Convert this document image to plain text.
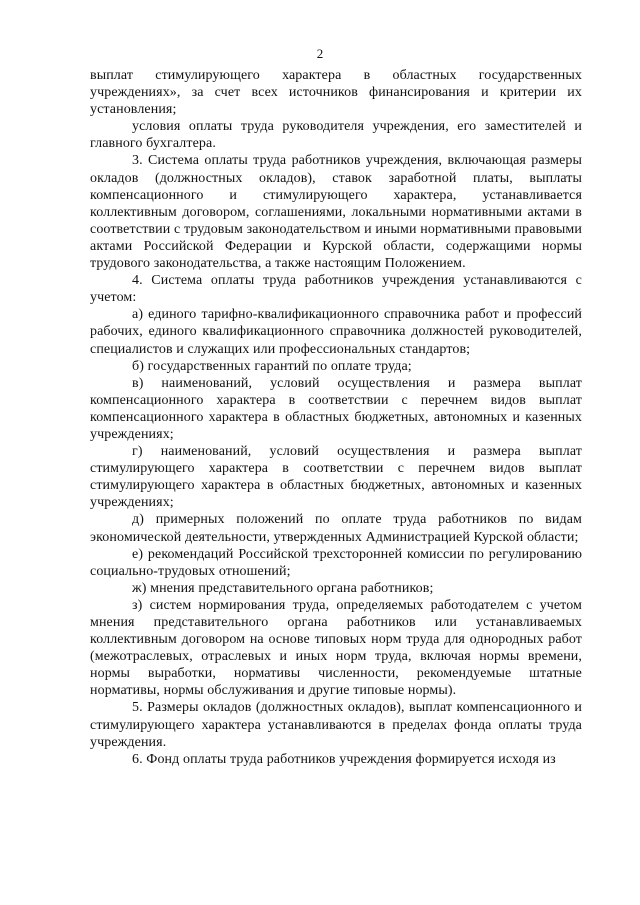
2

выплат стимулирующего характера в областных государственных учреждениях», за счет всех источников финансирования и критерии их установления;

условия оплаты труда руководителя учреждения, его заместителей и главного бухгалтера.

3. Система оплаты труда работников учреждения, включающая размеры окладов (должностных окладов), ставок заработной платы, выплаты компенсационного и стимулирующего характера, устанавливается коллективным договором, соглашениями, локальными нормативными актами в соответствии с трудовым законодательством и иными нормативными правовыми актами Российской Федерации и Курской области, содержащими нормы трудового законодательства, а также настоящим Положением.

4. Система оплаты труда работников учреждения устанавливаются с учетом:

а) единого тарифно-квалификационного справочника работ и профессий рабочих, единого квалификационного справочника должностей руководителей, специалистов и служащих или профессиональных стандартов;

б) государственных гарантий по оплате труда;

в) наименований, условий осуществления и размера выплат компенсационного характера в соответствии с перечнем видов выплат компенсационного характера в областных бюджетных, автономных и казенных учреждениях;

г) наименований, условий осуществления и размера выплат стимулирующего характера в соответствии с перечнем видов выплат стимулирующего характера в областных бюджетных, автономных и казенных учреждениях;

д) примерных положений по оплате труда работников по видам экономической деятельности, утвержденных Администрацией Курской области;

е) рекомендаций Российской трехсторонней комиссии по регулированию социально-трудовых отношений;

ж) мнения представительного органа работников;

з) систем нормирования труда, определяемых работодателем с учетом мнения представительного органа работников или устанавливаемых коллективным договором на основе типовых норм труда для однородных работ (межотраслевых, отраслевых и иных норм труда, включая нормы времени, нормы выработки, нормативы численности, рекомендуемые штатные нормативы, нормы обслуживания и другие типовые нормы).

5. Размеры окладов (должностных окладов), выплат компенсационного и стимулирующего характера устанавливаются в пределах фонда оплаты труда учреждения.

6. Фонд оплаты труда работников учреждения формируется исходя из
